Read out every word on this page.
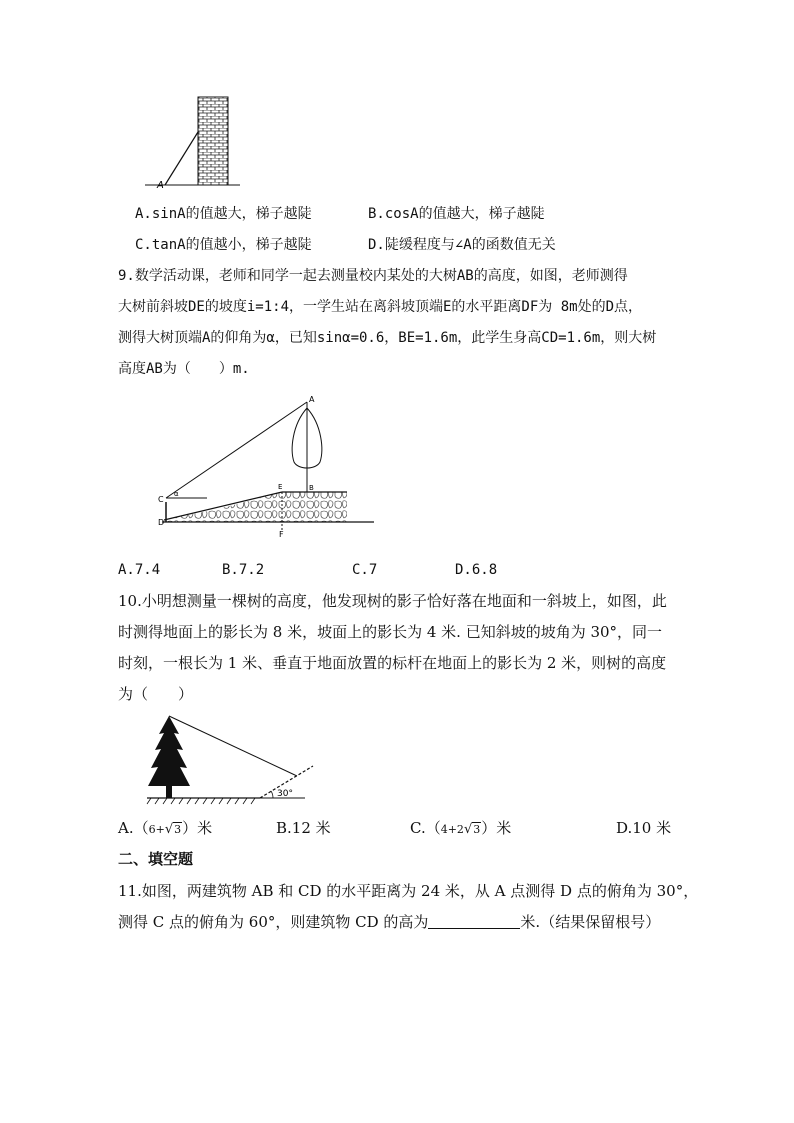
A
A.sinA的值越大，梯子越陡	B.cosA的值越大，梯子越陡
C.tanA的值越小，梯子越陡	D.陡缓程度与∠A的函数值无关
9.数学活动课，老师和同学一起去测量校内某处的大树AB的高度，如图，老师测得
大树前斜坡DE的坡度i=1:4，一学生站在离斜坡顶端E的水平距离DF为 8m处的D点，
测得大树顶端A的仰角为α，已知sinα=0.6，BE=1.6m，此学生身高CD=1.6m，则大树
高度AB为（　　）m.
A
B
C
D
E
F
α
A.7.4	B.7.2	C.7	D.6.8
10.小明想测量一棵树的高度，他发现树的影子恰好落在地面和一斜坡上，如图，此
时测得地面上的影长为 8 米，坡面上的影长为 4 米. 已知斜坡的坡角为 30°，同一
时刻，一根长为 1 米、垂直于地面放置的标杆在地面上的影长为 2 米，则树的高度
为（　　）
30°
A.（6+√3）米	B.12 米	C.（4+2√3）米	D.10 米
二、填空题
11.如图，两建筑物 AB 和 CD 的水平距离为 24 米，从 A 点测得 D 点的俯角为 30°，
测得 C 点的俯角为 60°，则建筑物 CD 的高为	米.（结果保留根号）
